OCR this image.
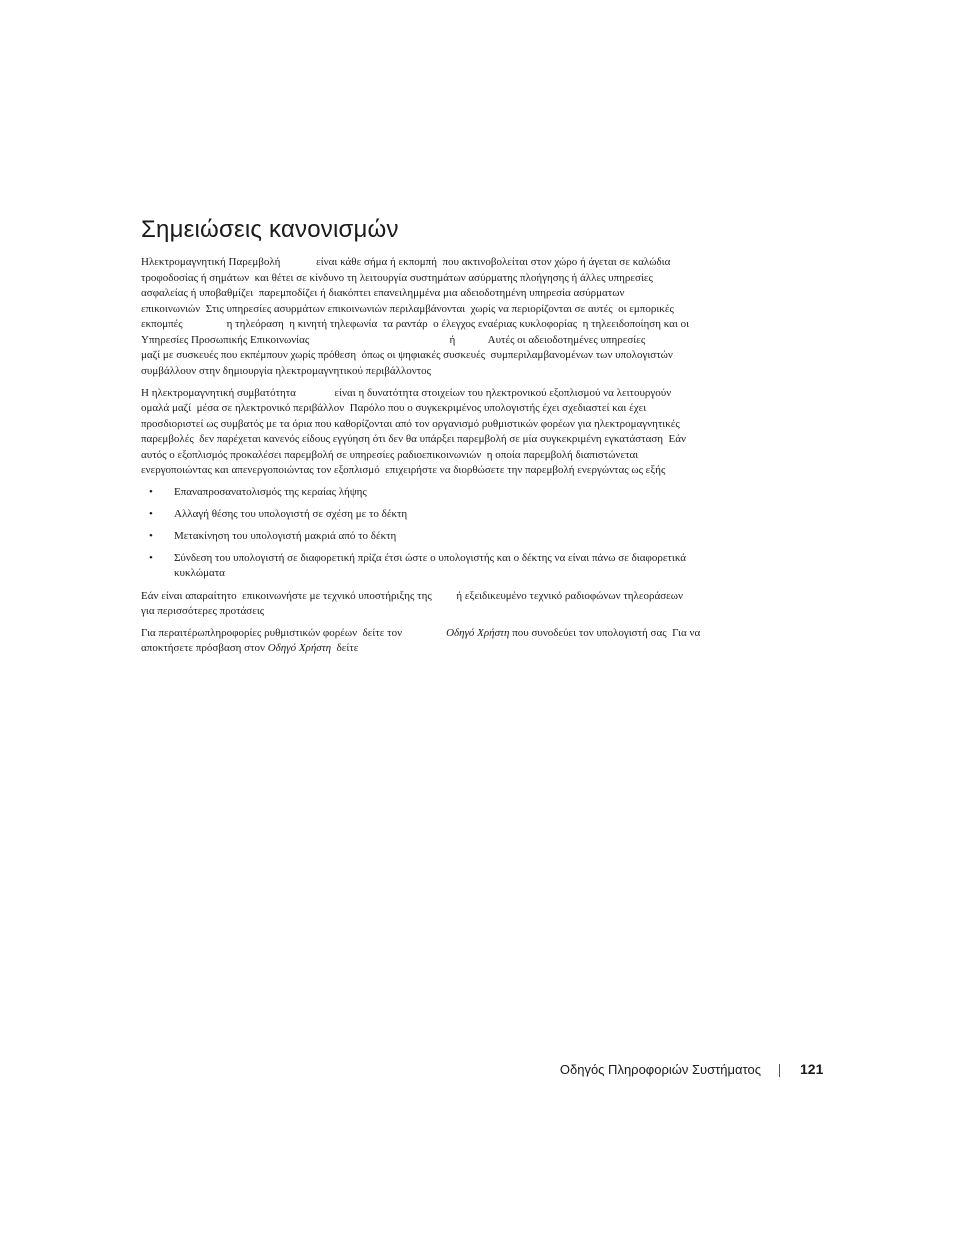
Σημειώσεις κανονισμών
Ηλεκτρομαγνητική Παρεμβολή             είναι κάθε σήμα ή εκπομπή  που ακτινοβολείται στον χώρο ή άγεται σε καλώδια
τροφοδοσίας ή σημάτων  και θέτει σε κίνδυνο τη λειτουργία συστημάτων ασύρματης πλοήγησης ή άλλες υπηρεσίες
ασφαλείας ή υποβαθμίζει  παρεμποδίζει ή διακόπτει επανειλημμένα μια αδειοδοτημένη υπηρεσία ασύρματων
επικοινωνιών  Στις υπηρεσίες ασυρμάτων επικοινωνιών περιλαμβάνονται  χωρίς να περιορίζονται σε αυτές  οι εμπορικές
εκπομπές                η τηλεόραση  η κινητή τηλεφωνία  τα ραντάρ  ο έλεγχος εναέριας κυκλοφορίας  η τηλεειδοποίηση και οι
Υπηρεσίες Προσωπικής Επικοινωνίας                                                   ή            Αυτές οι αδειοδοτημένες υπηρεσίες
μαζί με συσκευές που εκπέμπουν χωρίς πρόθεση  όπως οι ψηφιακές συσκευές  συμπεριλαμβανομένων των υπολογιστών
συμβάλλουν στην δημιουργία ηλεκτρομαγνητικού περιβάλλοντος
Η ηλεκτρομαγνητική συμβατότητα              είναι η δυνατότητα στοιχείων του ηλεκτρονικού εξοπλισμού να λειτουργούν
ομαλά μαζί  μέσα σε ηλεκτρονικό περιβάλλον  Παρόλο που ο συγκεκριμένος υπολογιστής έχει σχεδιαστεί και έχει
προσδιοριστεί ως συμβατός με τα όρια που καθορίζονται από τον οργανισμό ρυθμιστικών φορέων για ηλεκτρομαγνητικές
παρεμβολές  δεν παρέχεται κανενός είδους εγγύηση ότι δεν θα υπάρξει παρεμβολή σε μία συγκεκριμένη εγκατάσταση  Εάν
αυτός ο εξοπλισμός προκαλέσει παρεμβολή σε υπηρεσίες ραδιοεπικοινωνιών  η οποία παρεμβολή διαπιστώνεται
ενεργοποιώντας και απενεργοποιώντας τον εξοπλισμό  επιχειρήστε να διορθώσετε την παρεμβολή ενεργώντας ως εξής
• Επαναπροσανατολισμός της κεραίας λήψης
• Αλλαγή θέσης του υπολογιστή σε σχέση με το δέκτη
• Μετακίνηση του υπολογιστή μακριά από το δέκτη
• Σύνδεση του υπολογιστή σε διαφορετική πρίζα έτσι ώστε ο υπολογιστής και ο δέκτης να είναι πάνω σε διαφορετικά
κυκλώματα
Εάν είναι απαραίτητο  επικοινωνήστε με τεχνικό υποστήριξης της         ή εξειδικευμένο τεχνικό ραδιοφώνων τηλεοράσεων
για περισσότερες προτάσεις
Για περαιτέρωπληροφορίες ρυθμιστικών φορέων  δείτε τον                Οδηγό Χρήστη που συνοδεύει τον υπολογιστή σας  Για να
αποκτήσετε πρόσβαση στον Οδηγό Χρήστη  δείτε
Οδηγός Πληροφοριών Συστήματος	121
